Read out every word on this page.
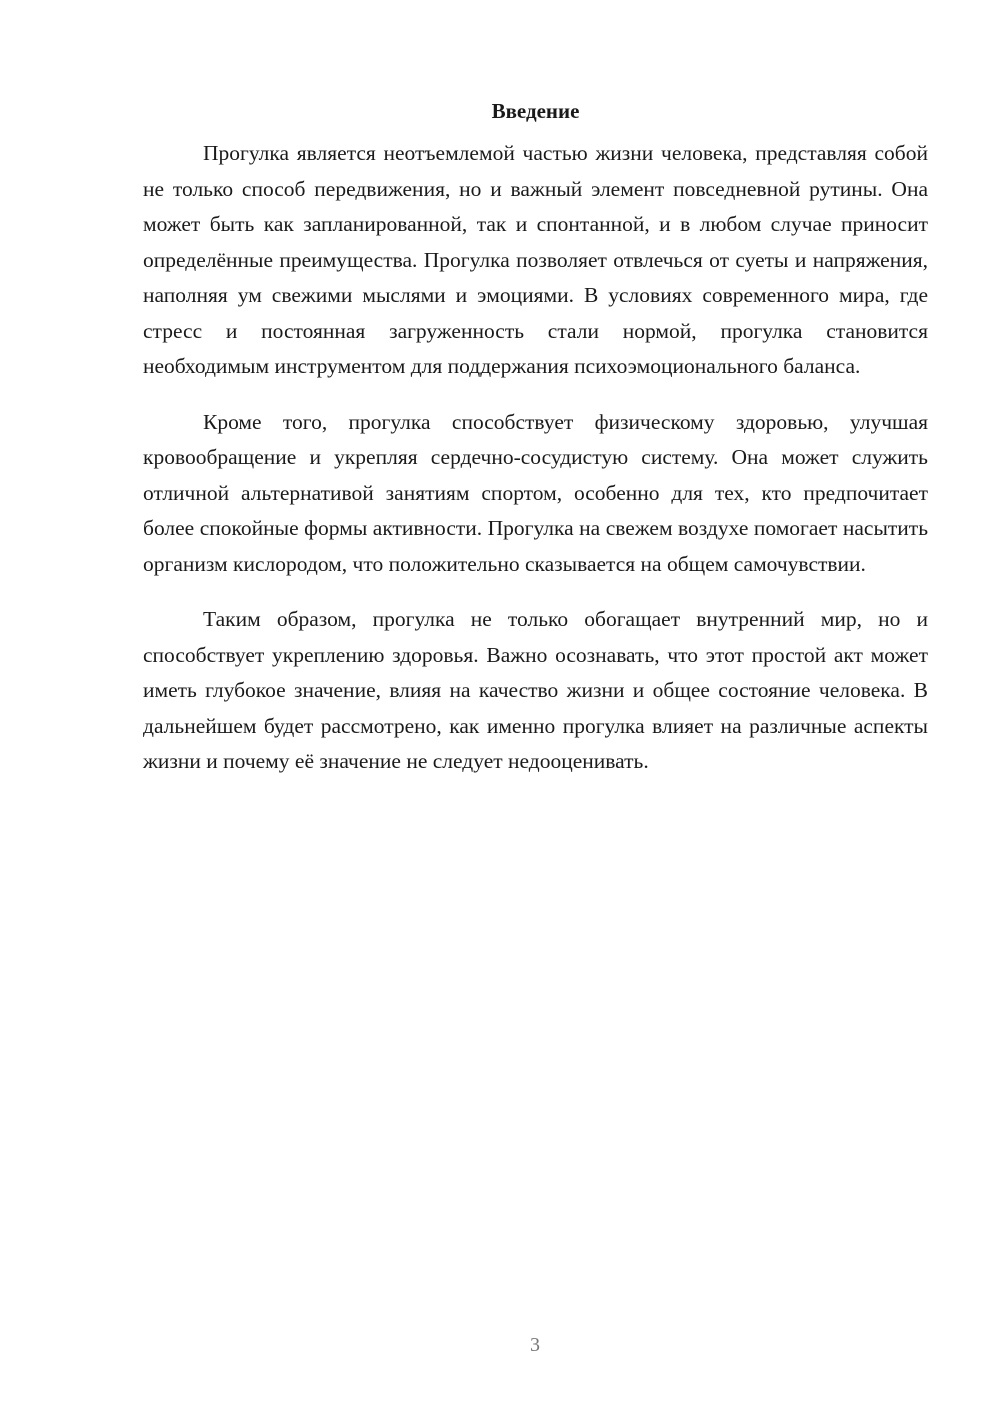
Введение

Прогулка является неотъемлемой частью жизни человека, представляя собой не только способ передвижения, но и важный элемент повседневной рутины. Она может быть как запланированной, так и спонтанной, и в любом случае приносит определённые преимущества. Прогулка позволяет отвлечься от суеты и напряжения, наполняя ум свежими мыслями и эмоциями. В условиях современного мира, где стресс и постоянная загруженность стали нормой, прогулка становится необходимым инструментом для поддержания психоэмоционального баланса.

Кроме того, прогулка способствует физическому здоровью, улучшая кровообращение и укрепляя сердечно-сосудистую систему. Она может служить отличной альтернативой занятиям спортом, особенно для тех, кто предпочитает более спокойные формы активности. Прогулка на свежем воздухе помогает насытить организм кислородом, что положительно сказывается на общем самочувствии.

Таким образом, прогулка не только обогащает внутренний мир, но и способствует укреплению здоровья. Важно осознавать, что этот простой акт может иметь глубокое значение, влияя на качество жизни и общее состояние человека. В дальнейшем будет рассмотрено, как именно прогулка влияет на различные аспекты жизни и почему её значение не следует недооценивать.

3
